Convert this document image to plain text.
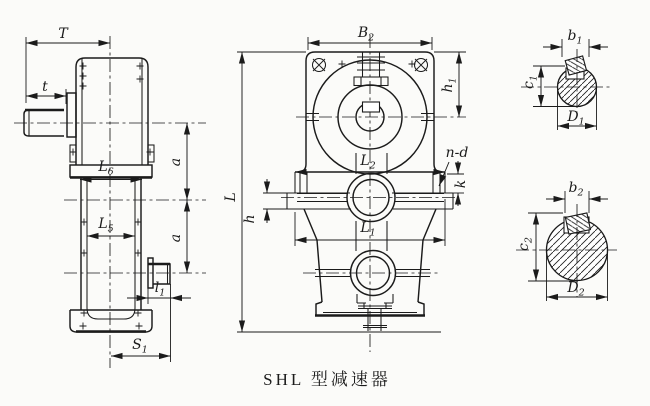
T
t
$L_6$
$L_5$
a
a
$l_1$
$S_1$
$B_2$
$h_1$
$L_2$
n-d
k
h
L
$L_1$
$b_1$
$c_1$
$D_1$
$b_2$
$c_2$
$D_2$
SHL 型减速器
